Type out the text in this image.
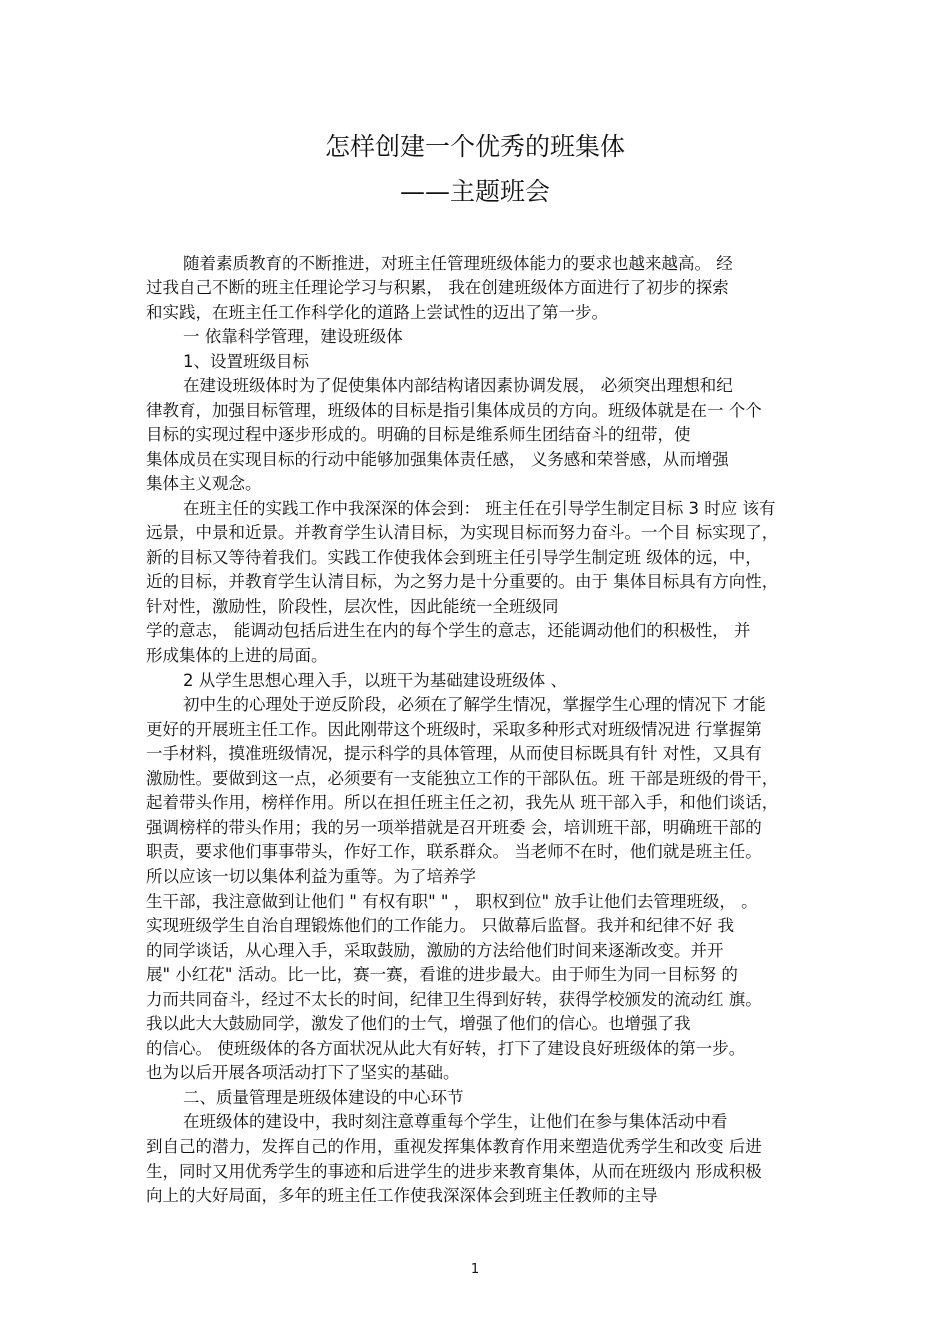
怎样创建一个优秀的班集体
——主题班会
随着素质教育的不断推进，对班主任管理班级体能力的要求也越来越高。 经
过我自己不断的班主任理论学习与积累， 我在创建班级体方面进行了初步的探索
和实践，在班主任工作科学化的道路上尝试性的迈出了第一步。
一 依靠科学管理，建设班级体
1、设置班级目标
在建设班级体时为了促使集体内部结构诸因素协调发展， 必须突出理想和纪
律教育，加强目标管理，班级体的目标是指引集体成员的方向。班级体就是在一 个个
目标的实现过程中逐步形成的。明确的目标是维系师生团结奋斗的纽带，使
集体成员在实现目标的行动中能够加强集体责任感， 义务感和荣誉感，从而增强
集体主义观念。
在班主任的实践工作中我深深的体会到： 班主任在引导学生制定目标 3 时应 该有
远景，中景和近景。并教育学生认清目标，为实现目标而努力奋斗。一个目 标实现了，
新的目标又等待着我们。实践工作使我体会到班主任引导学生制定班 级体的远，中，
近的目标，并教育学生认清目标，为之努力是十分重要的。由于 集体目标具有方向性，
针对性，激励性，阶段性，层次性，因此能统一全班级同
学的意志， 能调动包括后进生在内的每个学生的意志，还能调动他们的积极性， 并
形成集体的上进的局面。
2 从学生思想心理入手，以班干为基础建设班级体 、
初中生的心理处于逆反阶段，必须在了解学生情况，掌握学生心理的情况下 才能
更好的开展班主任工作。因此刚带这个班级时，采取多种形式对班级情况进 行掌握第
一手材料，摸准班级情况，提示科学的具体管理，从而使目标既具有针 对性，又具有
激励性。要做到这一点，必须要有一支能独立工作的干部队伍。班 干部是班级的骨干，
起着带头作用，榜样作用。所以在担任班主任之初，我先从 班干部入手，和他们谈话，
强调榜样的带头作用；我的另一项举措就是召开班委 会，培训班干部，明确班干部的
职责，要求他们事事带头，作好工作，联系群众。 当老师不在时，他们就是班主任。
所以应该一切以集体利益为重等。为了培养学
生干部，我注意做到让他们 " 有权有职" " ， 职权到位" 放手让他们去管理班级， 。
实现班级学生自治自理锻炼他们的工作能力。 只做幕后监督。我并和纪律不好 我
的同学谈话，从心理入手，采取鼓励，激励的方法给他们时间来逐渐改变。并开
展" 小红花" 活动。比一比，赛一赛，看谁的进步最大。由于师生为同一目标努 的
力而共同奋斗，经过不太长的时间，纪律卫生得到好转，获得学校颁发的流动红 旗。
我以此大大鼓励同学，激发了他们的士气，增强了他们的信心。也增强了我
的信心。 使班级体的各方面状况从此大有好转，打下了建设良好班级体的第一步。
也为以后开展各项活动打下了坚实的基础。
二、质量管理是班级体建设的中心环节
在班级体的建设中，我时刻注意尊重每个学生，让他们在参与集体活动中看
到自己的潜力，发挥自己的作用，重视发挥集体教育作用来塑造优秀学生和改变 后进
生，同时又用优秀学生的事迹和后进学生的进步来教育集体，从而在班级内 形成积极
向上的大好局面，多年的班主任工作使我深深体会到班主任教师的主导
1
